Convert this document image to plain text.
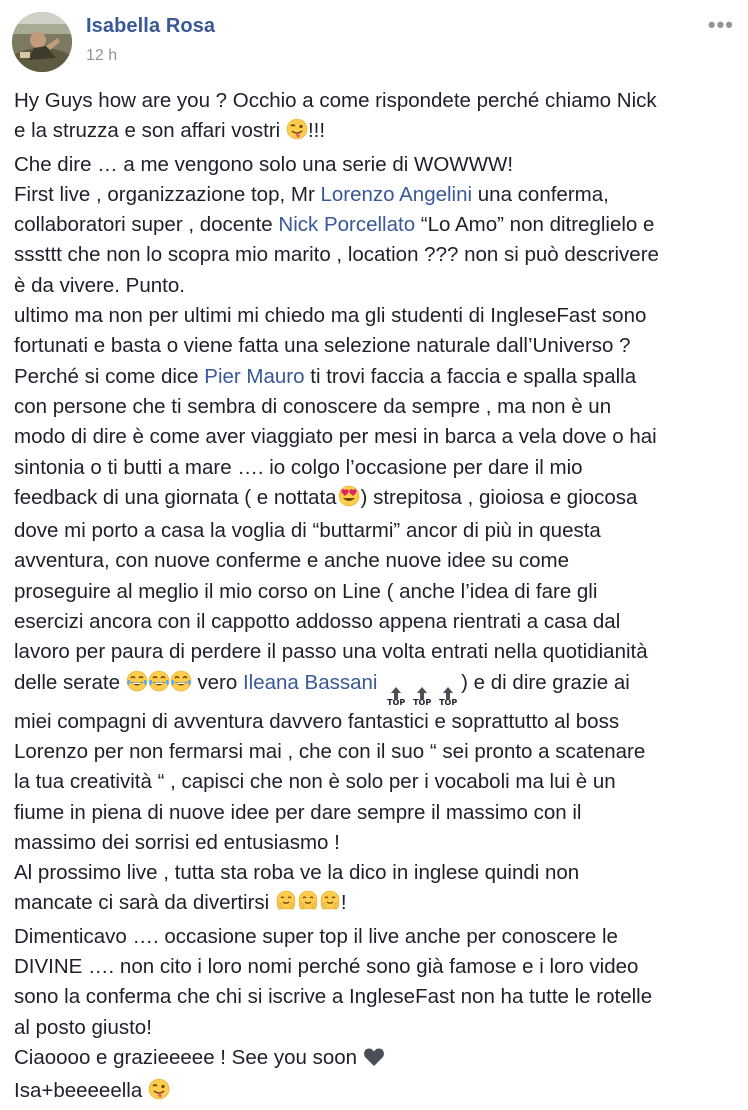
Isabella Rosa
12 h
•••
Hy Guys how are you ? Occhio a come rispondete perché chiamo Nick
e la struzza e son affari vostri !!!
Che dire … a me vengono solo una serie di WOWWW!
First live , organizzazione top, Mr Lorenzo Angelini una conferma,
collaboratori super , docente Nick Porcellato “Lo Amo” non ditreglielo e
sssttt che non lo scopra mio marito , location ??? non si può descrivere
è da vivere. Punto.
ultimo ma non per ultimi mi chiedo ma gli studenti di IngleseFast sono
fortunati e basta o viene fatta una selezione naturale dall’Universo ?
Perché si come dice Pier Mauro ti trovi faccia a faccia e spalla spalla
con persone che ti sembra di conoscere da sempre , ma non è un
modo di dire è come aver viaggiato per mesi in barca a vela dove o hai
sintonia o ti butti a mare …. io colgo l’occasione per dare il mio
feedback di una giornata ( e nottata ) strepitosa , gioiosa e giocosa
dove mi porto a casa la voglia di “buttarmi” ancor di più in questa
avventura, con nuove conferme e anche nuove idee su come
proseguire al meglio il mio corso on Line ( anche l’idea di fare gli
esercizi ancora con il cappotto addosso appena rientrati a casa dal
lavoro per paura di perdere il passo una volta entrati nella quotidianità
delle serate	vero Ileana Bassani
TOP TOP TOP
) e di dire grazie ai
miei compagni di avventura davvero fantastici e soprattutto al boss
Lorenzo per non fermarsi mai , che con il suo “ sei pronto a scatenare
la tua creatività “ , capisci che non è solo per i vocaboli ma lui è un
fiume in piena di nuove idee per dare sempre il massimo con il
massimo dei sorrisi ed entusiasmo !
Al prossimo live , tutta sta roba ve la dico in inglese quindi non
mancate ci sarà da divertirsi	!
Dimenticavo …. occasione super top il live anche per conoscere le
DIVINE …. non cito i loro nomi perché sono già famose e i loro video
sono la conferma che chi si iscrive a IngleseFast non ha tutte le rotelle
al posto giusto!
Ciaoooo e grazieeeee ! See you soon
Isa+beeeeella
